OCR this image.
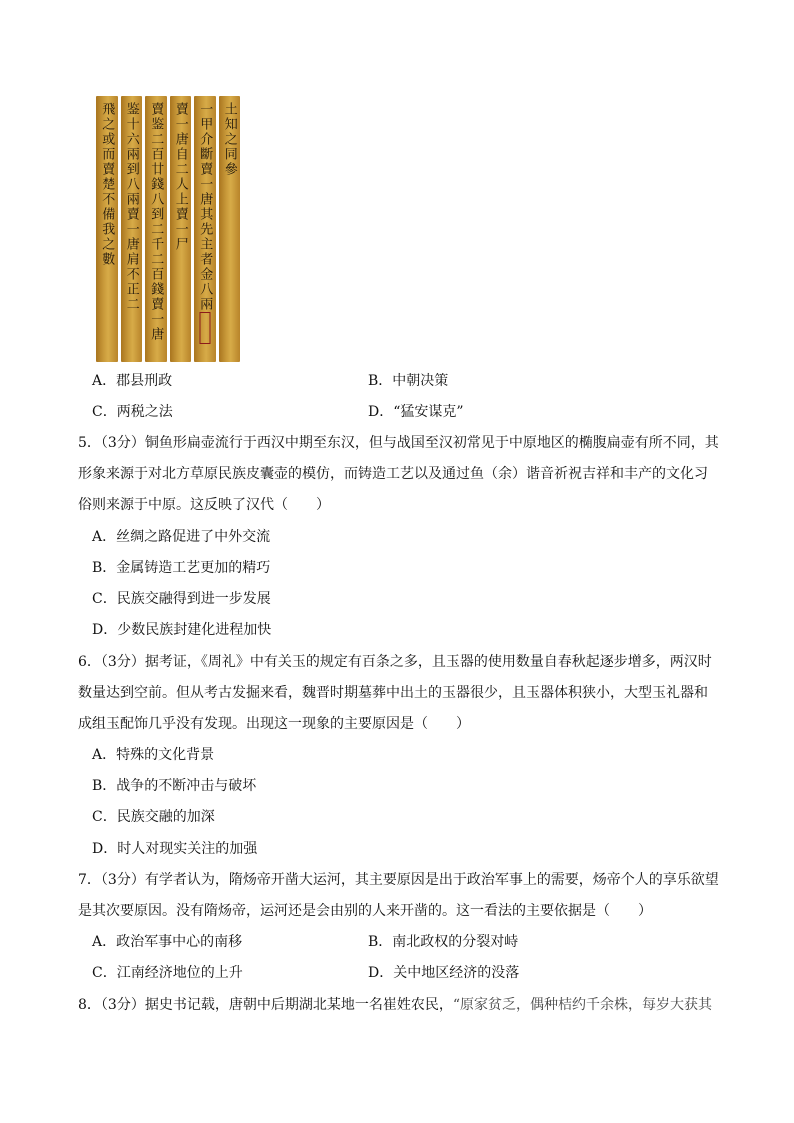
飛之或而賣楚不備我之數 鉴十六兩到八兩賣一唐肩不正二 賣鉴二百廿錢八到二千二百錢賣一唐 賣一唐自二人上賣一尸 一甲介斷賣一唐其先主者金八兩 土知之同參
A．郡县刑政	B．中朝决策
C．两税之法	D．“猛安谋克”
5．（3分）铜鱼形扁壶流行于西汉中期至东汉，但与战国至汉初常见于中原地区的椭腹扁壶有所不同，其
形象来源于对北方草原民族皮囊壶的模仿，而铸造工艺以及通过鱼（余）谐音祈祝吉祥和丰产的文化习
俗则来源于中原。这反映了汉代（　　）
A．丝绸之路促进了中外交流
B．金属铸造工艺更加的精巧
C．民族交融得到进一步发展
D．少数民族封建化进程加快
6．（3分）据考证，《周礼》中有关玉的规定有百条之多，且玉器的使用数量自春秋起逐步增多，两汉时
数量达到空前。但从考古发掘来看，魏晋时期墓葬中出土的玉器很少，且玉器体积狭小，大型玉礼器和
成组玉配饰几乎没有发现。出现这一现象的主要原因是（　　）
A．特殊的文化背景
B．战争的不断冲击与破坏
C．民族交融的加深
D．时人对现实关注的加强
7．（3分）有学者认为，隋炀帝开凿大运河，其主要原因是出于政治军事上的需要，炀帝个人的享乐欲望
是其次要原因。没有隋炀帝，运河还是会由别的人来开凿的。这一看法的主要依据是（　　）
A．政治军事中心的南移	B．南北政权的分裂对峙
C．江南经济地位的上升	D．关中地区经济的没落
8．（3分）据史书记载，唐朝中后期湖北某地一名崔姓农民，“原家贫乏，偶种桔约千余株，每岁大获其
